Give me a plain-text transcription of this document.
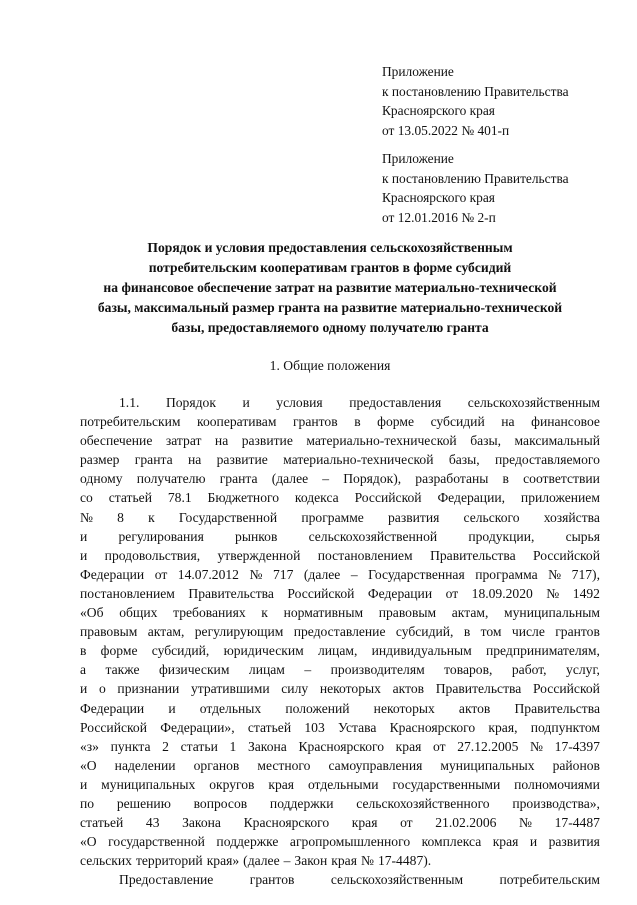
Приложение
к постановлению Правительства
Красноярского края
от 13.05.2022 № 401-п
Приложение
к постановлению Правительства
Красноярского края
от 12.01.2016 № 2-п
Порядок и условия предоставления сельскохозяйственным
потребительским кооперативам грантов в форме субсидий
на финансовое обеспечение затрат на развитие материально-технической
базы, максимальный размер гранта на развитие материально-технической
базы, предоставляемого одному получателю гранта
1. Общие положения
1.1. Порядок и условия предоставления сельскохозяйственным
потребительским кооперативам грантов в форме субсидий на финансовое
обеспечение затрат на развитие материально-технической базы, максимальный
размер гранта на развитие материально-технической базы, предоставляемого
одному получателю гранта (далее – Порядок), разработаны в соответствии
со статьей 78.1 Бюджетного кодекса Российской Федерации, приложением
№ 8 к Государственной программе развития сельского хозяйства
и регулирования рынков сельскохозяйственной продукции, сырья
и продовольствия, утвержденной постановлением Правительства Российской
Федерации от 14.07.2012 № 717 (далее – Государственная программа № 717),
постановлением Правительства Российской Федерации от 18.09.2020 № 1492
«Об общих требованиях к нормативным правовым актам, муниципальным
правовым актам, регулирующим предоставление субсидий, в том числе грантов
в форме субсидий, юридическим лицам, индивидуальным предпринимателям,
а также физическим лицам – производителям товаров, работ, услуг,
и о признании утратившими силу некоторых актов Правительства Российской
Федерации и отдельных положений некоторых актов Правительства
Российской Федерации», статьей 103 Устава Красноярского края, подпунктом
«з» пункта 2 статьи 1 Закона Красноярского края от 27.12.2005 № 17-4397
«О наделении органов местного самоуправления муниципальных районов
и муниципальных округов края отдельными государственными полномочиями
по решению вопросов поддержки сельскохозяйственного производства»,
статьей 43 Закона Красноярского края от 21.02.2006 № 17-4487
«О государственной поддержке агропромышленного комплекса края и развития
сельских территорий края» (далее – Закон края № 17-4487).
Предоставление	грантов	сельскохозяйственным	потребительским
